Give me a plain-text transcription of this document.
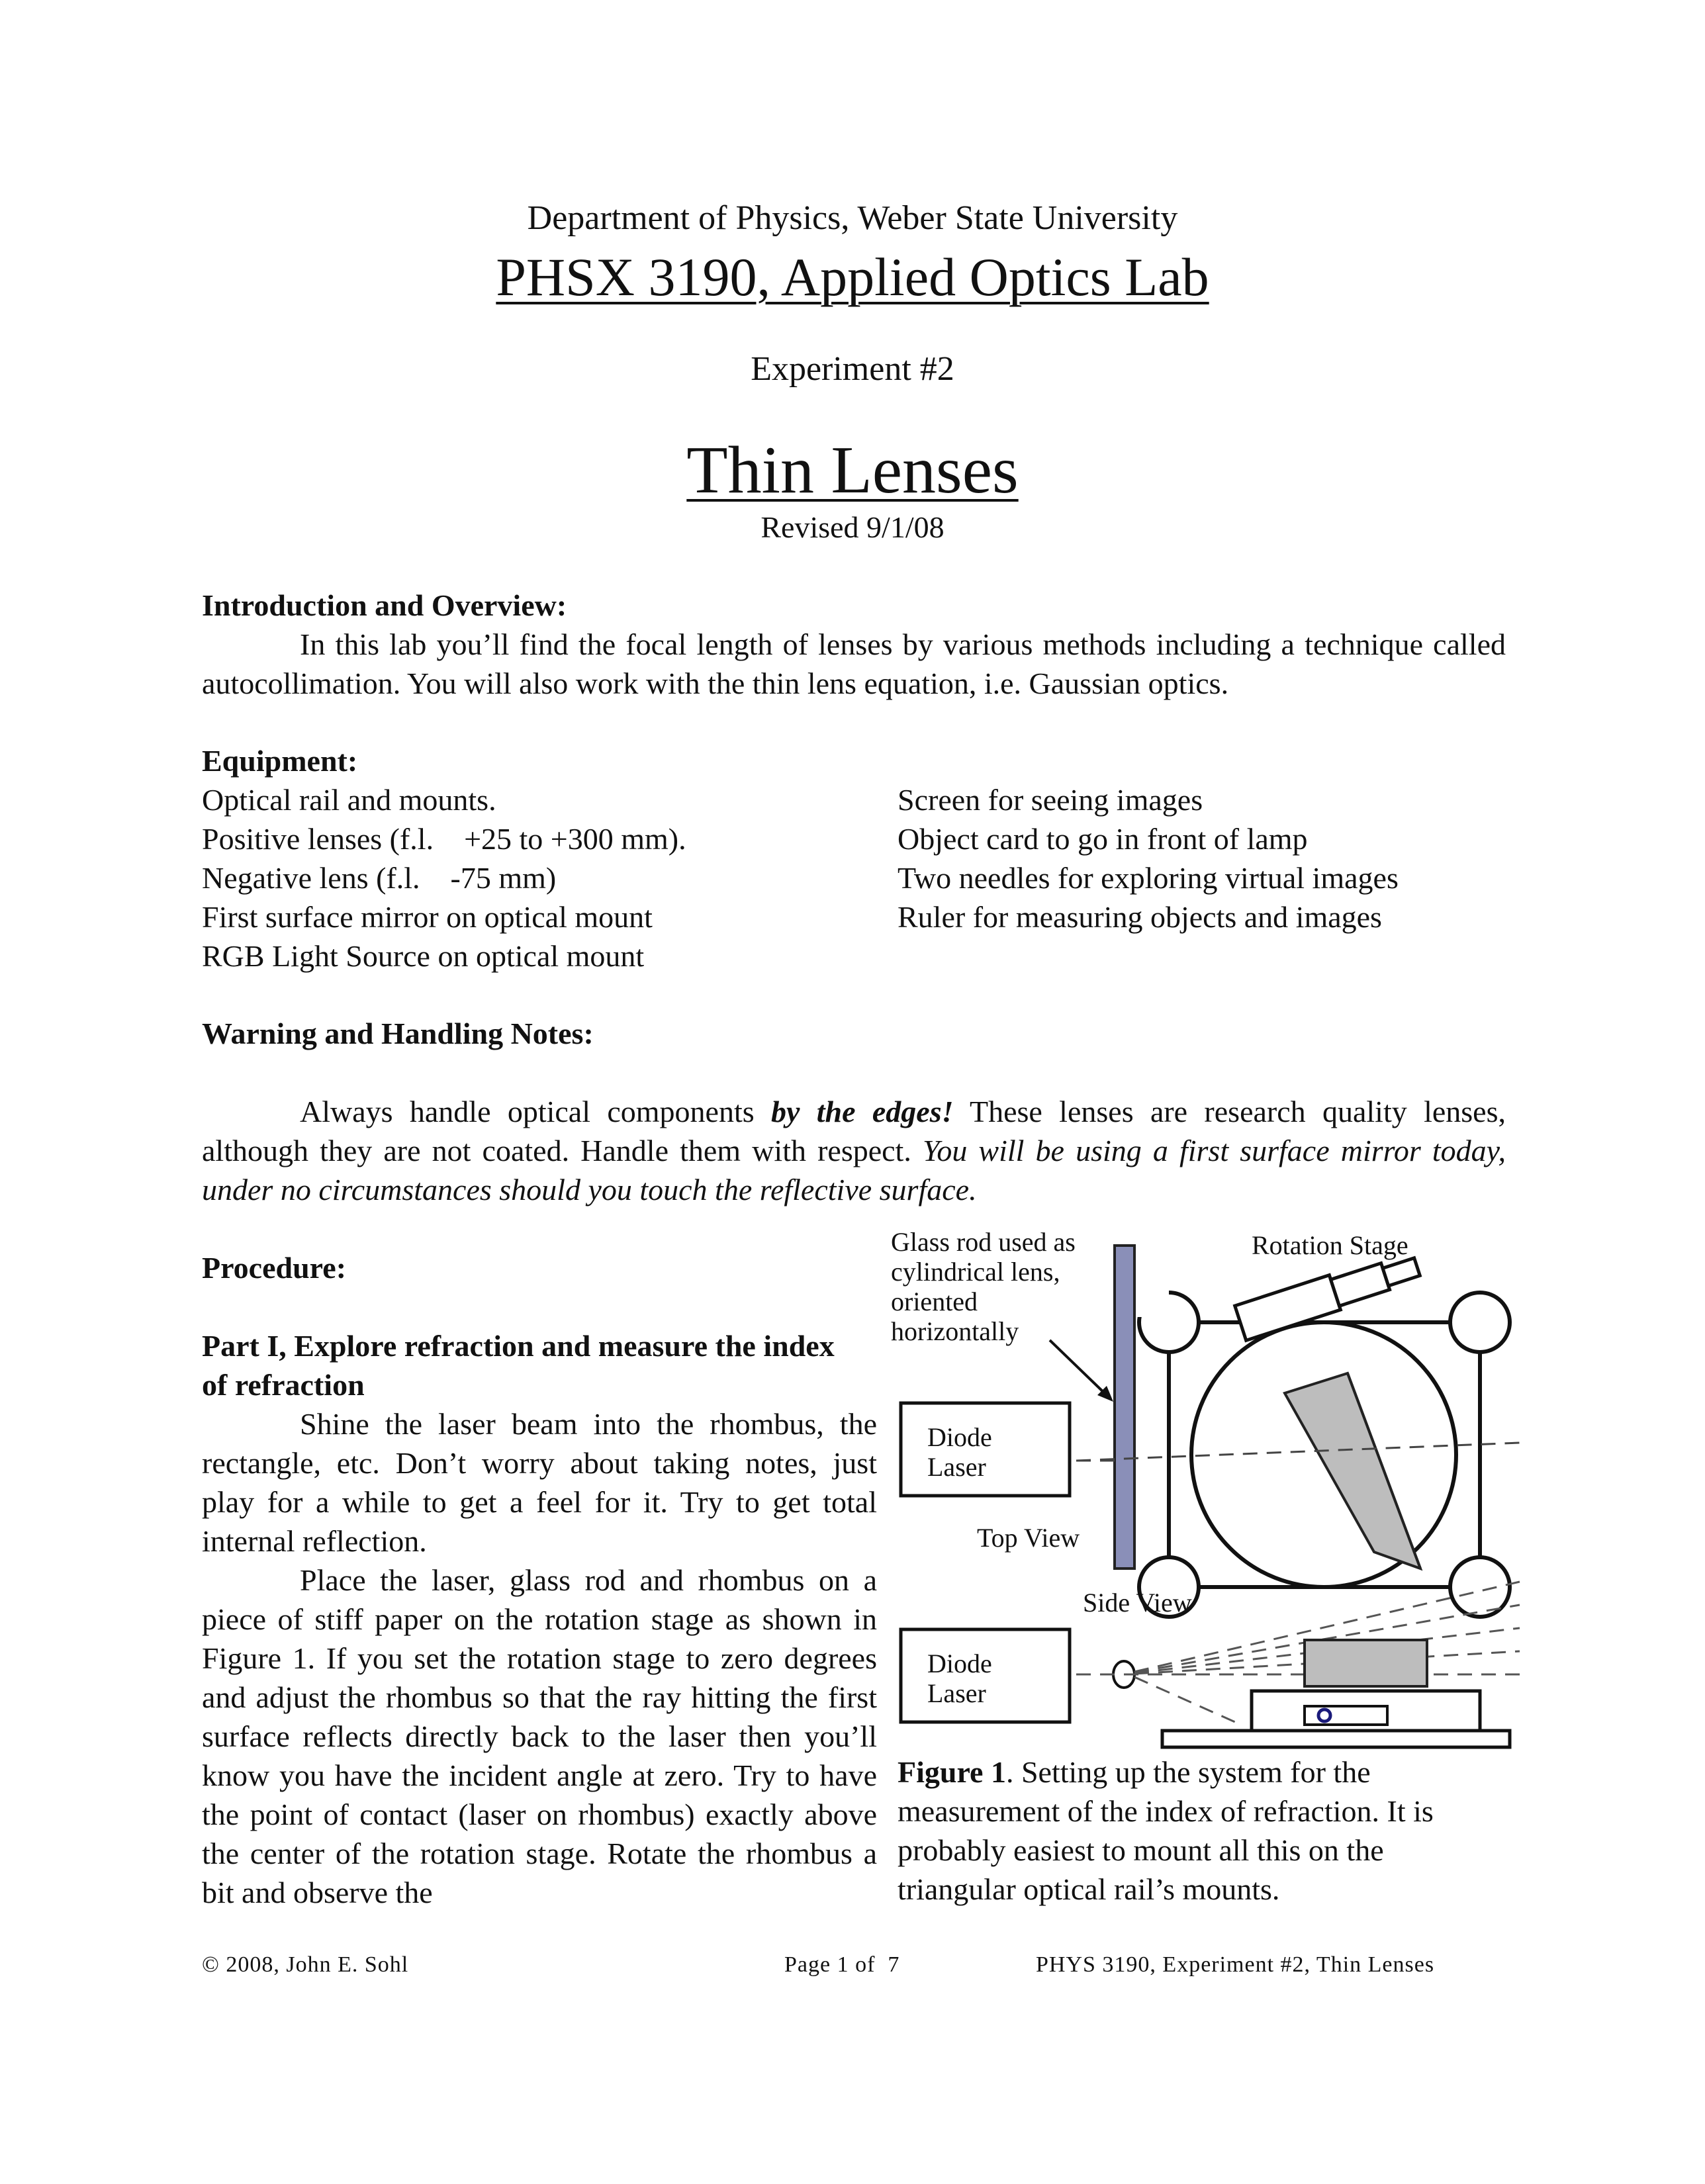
Department of Physics, Weber State University
PHSX 3190, Applied Optics Lab
Experiment #2
Thin Lenses
Revised 9/1/08
Introduction and Overview:
In this lab you’ll find the focal length of lenses by various methods including a technique called autocollimation. You will also work with the thin lens equation, i.e. Gaussian optics.
Equipment:
Optical rail and mounts.
Positive lenses (f.l.    +25 to +300 mm).
Negative lens (f.l.    -75 mm)
First surface mirror on optical mount
RGB Light Source on optical mount
Screen for seeing images
Object card to go in front of lamp
Two needles for exploring virtual images
Ruler for measuring objects and images
Warning and Handling Notes:
Always handle optical components by the edges! These lenses are research quality lenses, although they are not coated. Handle them with respect. You will be using a first surface mirror today, under no circumstances should you touch the reflective surface.
Procedure:
Part I, Explore refraction and measure the index of refraction

Shine the laser beam into the rhombus, the rectangle, etc. Don’t worry about taking notes, just play for a while to get a feel for it. Try to get total internal reflection.

Place the laser, glass rod and rhombus on a piece of stiff paper on the rotation stage as shown in Figure 1. If you set the rotation stage to zero degrees and adjust the rhombus so that the ray hitting the first surface reflects directly back to the laser then you’ll know you have the incident angle at zero. Try to have the point of contact (laser on rhombus) exactly above the center of the rotation stage. Rotate the rhombus a bit and observe the

Glass rod used as
cylindrical lens,
oriented
horizontally
Rotation Stage
Diode
Laser
Top View
Side View
Diode
Laser
Figure 1. Setting up the system for the measurement of the index of refraction. It is probably easiest to mount all this on the triangular optical rail’s mounts.
© 2008, John E. Sohl	Page 1 of  7	PHYS 3190, Experiment #2, Thin Lenses
